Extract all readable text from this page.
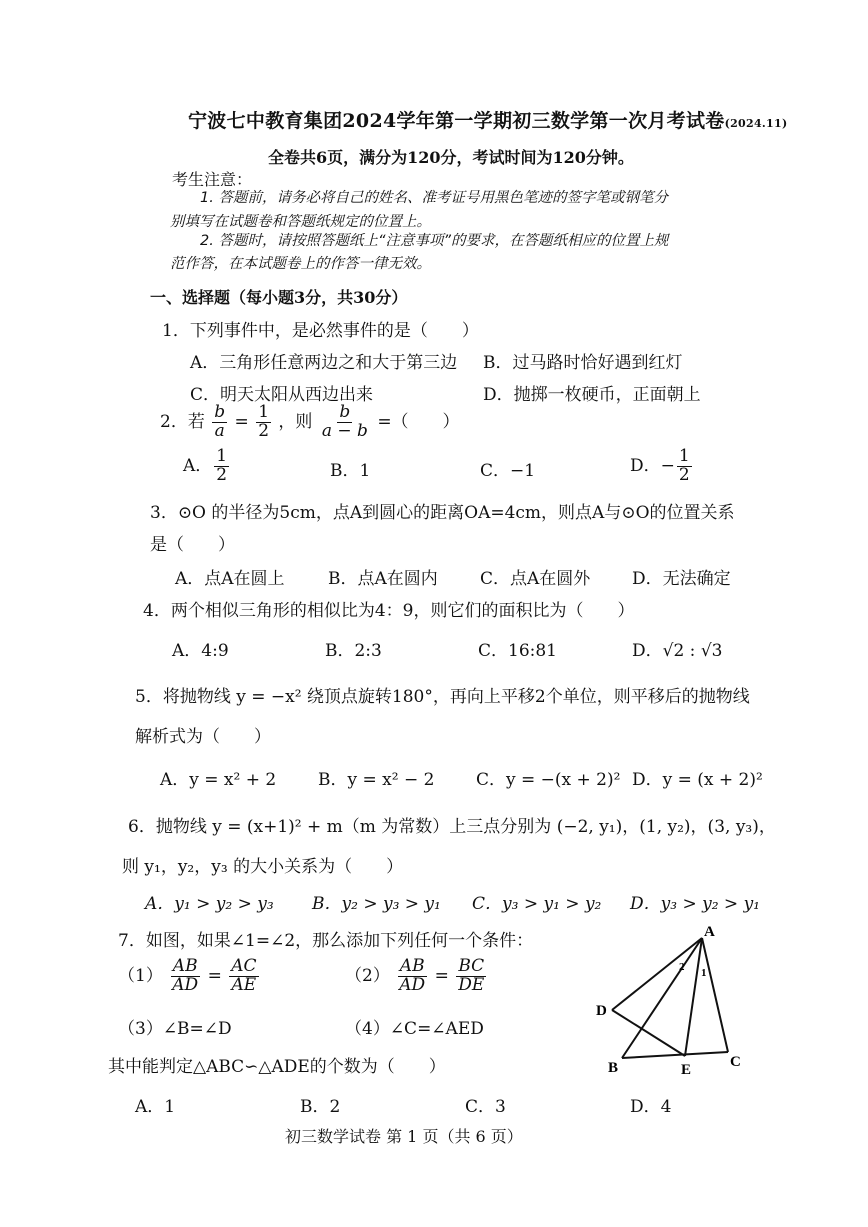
宁波七中教育集团2024学年第一学期初三数学第一次月考试卷(2024.11)
全卷共6页，满分为120分，考试时间为120分钟。
考生注意：
1. 答题前，请务必将自己的姓名、准考证号用黑色笔迹的签字笔或钢笔分
别填写在试题卷和答题纸规定的位置上。
2. 答题时，请按照答题纸上“注意事项”的要求，在答题纸相应的位置上规
范作答，在本试题卷上的作答一律无效。
一、选择题（每小题3分，共30分）
1．下列事件中，是必然事件的是（　　）
A．三角形任意两边之和大于第三边 B．过马路时恰好遇到红灯
C．明天太阳从西边出来	D．抛掷一枚硬币，正面朝上
2．若 $\frac{b}{a} = \frac{1}{2}$ ，则 $\frac{b}{a - b}$ =（　　）
A． $\frac{1}{2}$	B．1	C．−1	D．− $\frac{1}{2}$
3．⊙O 的半径为5cm，点A到圆心的距离OA=4cm，则点A与⊙O的位置关系
是（　　）
A．点A在圆上	B．点A在圆内 C．点A在圆外 D．无法确定
4．两个相似三角形的相似比为4：9，则它们的面积比为（　　）
A．4:9	B．2:3	C．16:81	D．√2 : √3
5．将抛物线 y = −x² 绕顶点旋转180°，再向上平移2个单位，则平移后的抛物线
解析式为（　　）
A．y = x² + 2 B．y = x² − 2 C．y = −(x + 2)² D．y = (x + 2)²
6．抛物线 y = (x+1)² + m（m 为常数）上三点分别为 (−2, y₁)，(1, y₂)，(3, y₃)，
则 y₁，y₂，y₃ 的大小关系为（　　）
A．y₁ > y₂ > y₃ B．y₂ > y₃ > y₁ C．y₃ > y₁ > y₂ D．y₃ > y₂ > y₁
7．如图，如果∠1=∠2，那么添加下列任何一个条件：
$(1) \frac{AB}{AD} = \frac{AC}{AE}$	$(2) \frac{AB}{AD} = \frac{BC}{DE}$
（3）∠B=∠D	（4）∠C=∠AED
其中能判定△ABC∽△ADE的个数为（　　）
A．1	B．2	C．3	D．4
A
B	C
D
E
1
2
初三数学试卷 第 1 页（共 6 页）
